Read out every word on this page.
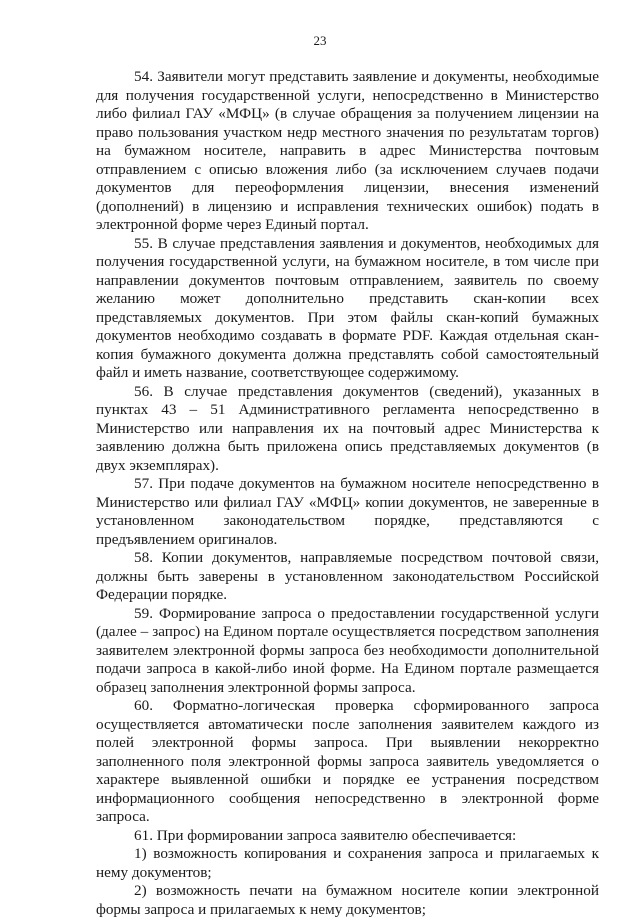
23

54. Заявители могут представить заявление и документы, необходимые для получения государственной услуги, непосредственно в Министерство либо филиал ГАУ «МФЦ» (в случае обращения за получением лицензии на право пользования участком недр местного значения по результатам торгов) на бумажном носителе, направить в адрес Министерства почтовым отправлением с описью вложения либо (за исключением случаев подачи документов для переоформления лицензии, внесения изменений (дополнений) в лицензию и исправления технических ошибок) подать в электронной форме через Единый портал.

55. В случае представления заявления и документов, необходимых для получения государственной услуги, на бумажном носителе, в том числе при направлении документов почтовым отправлением, заявитель по своему желанию может дополнительно представить скан-копии всех представляемых документов. При этом файлы скан-копий бумажных документов необходимо создавать в формате PDF. Каждая отдельная скан-копия бумажного документа должна представлять собой самостоятельный файл и иметь название, соответствующее содержимому.

56. В случае представления документов (сведений), указанных в пунктах 43 – 51 Административного регламента непосредственно в Министерство или направления их на почтовый адрес Министерства к заявлению должна быть приложена опись представляемых документов (в двух экземплярах).

57. При подаче документов на бумажном носителе непосредственно в Министерство или филиал ГАУ «МФЦ» копии документов, не заверенные в установленном законодательством порядке, представляются с предъявлением оригиналов.

58. Копии документов, направляемые посредством почтовой связи, должны быть заверены в установленном законодательством Российской Федерации порядке.

59. Формирование запроса о предоставлении государственной услуги (далее – запрос) на Едином портале осуществляется посредством заполнения заявителем электронной формы запроса без необходимости дополнительной подачи запроса в какой-либо иной форме. На Едином портале размещается образец заполнения электронной формы запроса.

60. Форматно-логическая проверка сформированного запроса осуществляется автоматически после заполнения заявителем каждого из полей электронной формы запроса. При выявлении некорректно заполненного поля электронной формы запроса заявитель уведомляется о характере выявленной ошибки и порядке ее устранения посредством информационного сообщения непосредственно в электронной форме запроса.

61. При формировании запроса заявителю обеспечивается:

1) возможность копирования и сохранения запроса и прилагаемых к нему документов;

2) возможность печати на бумажном носителе копии электронной формы запроса и прилагаемых к нему документов;
